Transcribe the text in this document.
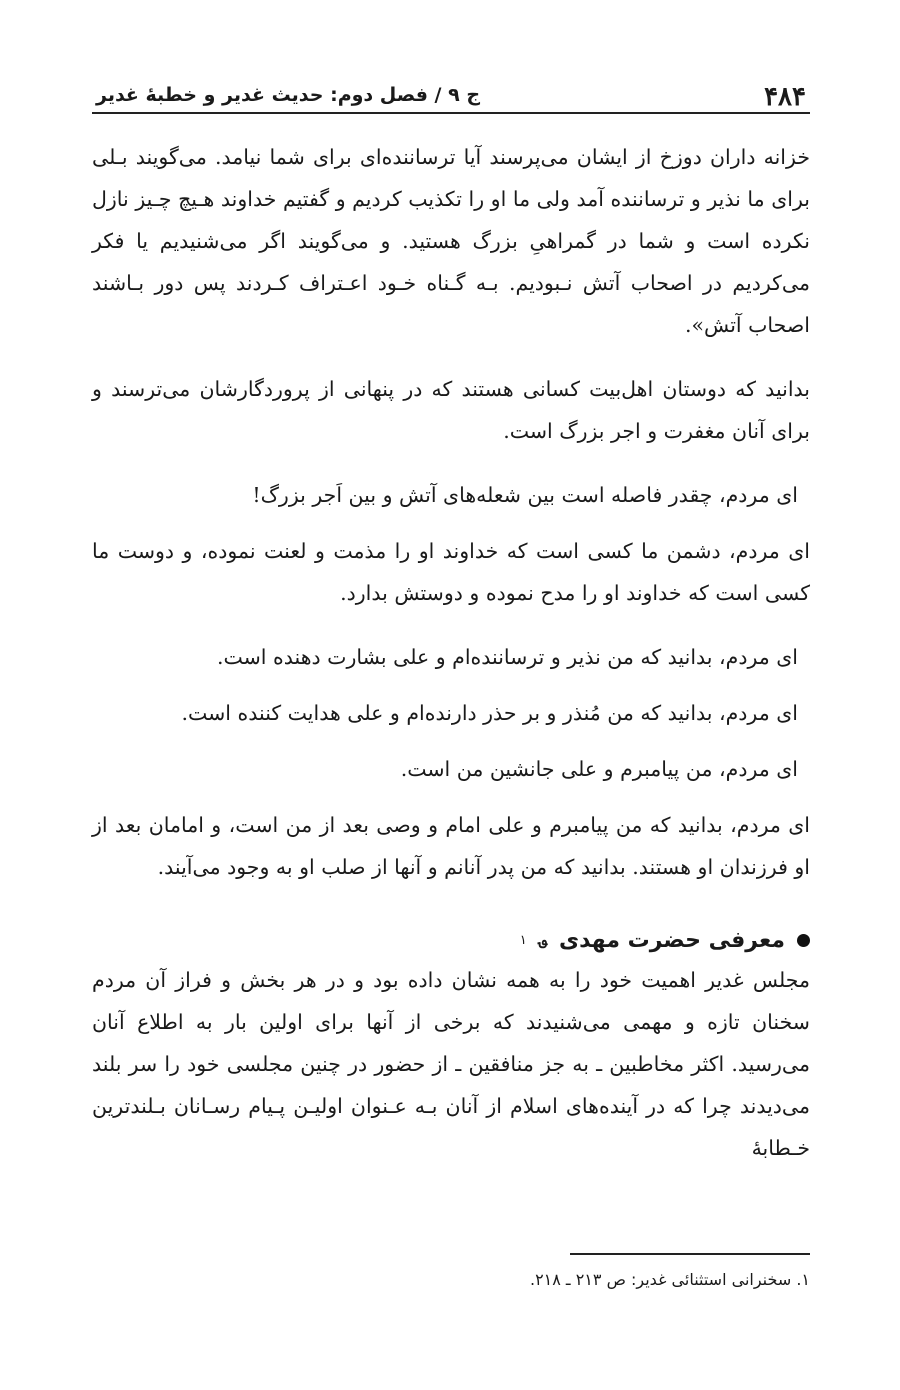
۴۸۴
ج ۹ / فصل دوم: حدیث غدیر و خطبهٔ غدیر

خزانه داران دوزخ از ایشان می‌پرسند آیا ترساننده‌ای برای شما نیامد. می‌گویند بـلی برای ما نذیر و ترساننده آمد ولی ما او را تکذیب کردیم و گفتیم خداوند هـیچ چـیز نازل نکرده است و شما در گمراهیِ بزرگ هستید. و می‌گویند اگر می‌شنیدیم یا فکر می‌کردیم در اصحاب آتش نـبودیم. بـه گـناه خـود اعـتراف کـردند پس دور بـاشند اصحاب آتش».

بدانید که دوستان اهل‌بیت کسانی هستند که در پنهانی از پروردگارشان می‌ترسند و برای آنان مغفرت و اجر بزرگ است.

ای مردم، چقدر فاصله است بین شعله‌های آتش و بین اَجر بزرگ!

ای مردم، دشمن ما کسی است که خداوند او را مذمت و لعنت نموده، و دوست ما کسی است که خداوند او را مدح نموده و دوستش بدارد.

ای مردم، بدانید که من نذیر و ترساننده‌ام و علی بشارت دهنده است.

ای مردم، بدانید که من مُنذر و بر حذر دارنده‌ام و علی هدایت کننده است.

ای مردم، من پیامبرم و علی جانشین من است.

ای مردم، بدانید که من پیامبرم و علی امام و وصی بعد از من است، و امامان بعد از او فرزندان او هستند. بدانید که من پدر آنانم و آنها از صلب او به وجود می‌آیند.

معرفی حضرت مهدی
؈
۱

مجلس غدیر اهمیت خود را به همه نشان داده بود و در هر بخش و فراز آن مردم سخنان تازه و مهمی می‌شنیدند که برخی از آنها برای اولین بار به اطلاع آنان می‌رسید. اکثر مخاطبین ـ به جز منافقین ـ از حضور در چنین مجلسی خود را سر بلند می‌دیدند چرا که در آینده‌های اسلام از آنان بـه عـنوان اولیـن پـیام رسـانان بـلندترین خـطابهٔ

۱. سخنرانی استثنائی غدیر: ص ۲۱۳ ـ ۲۱۸.
